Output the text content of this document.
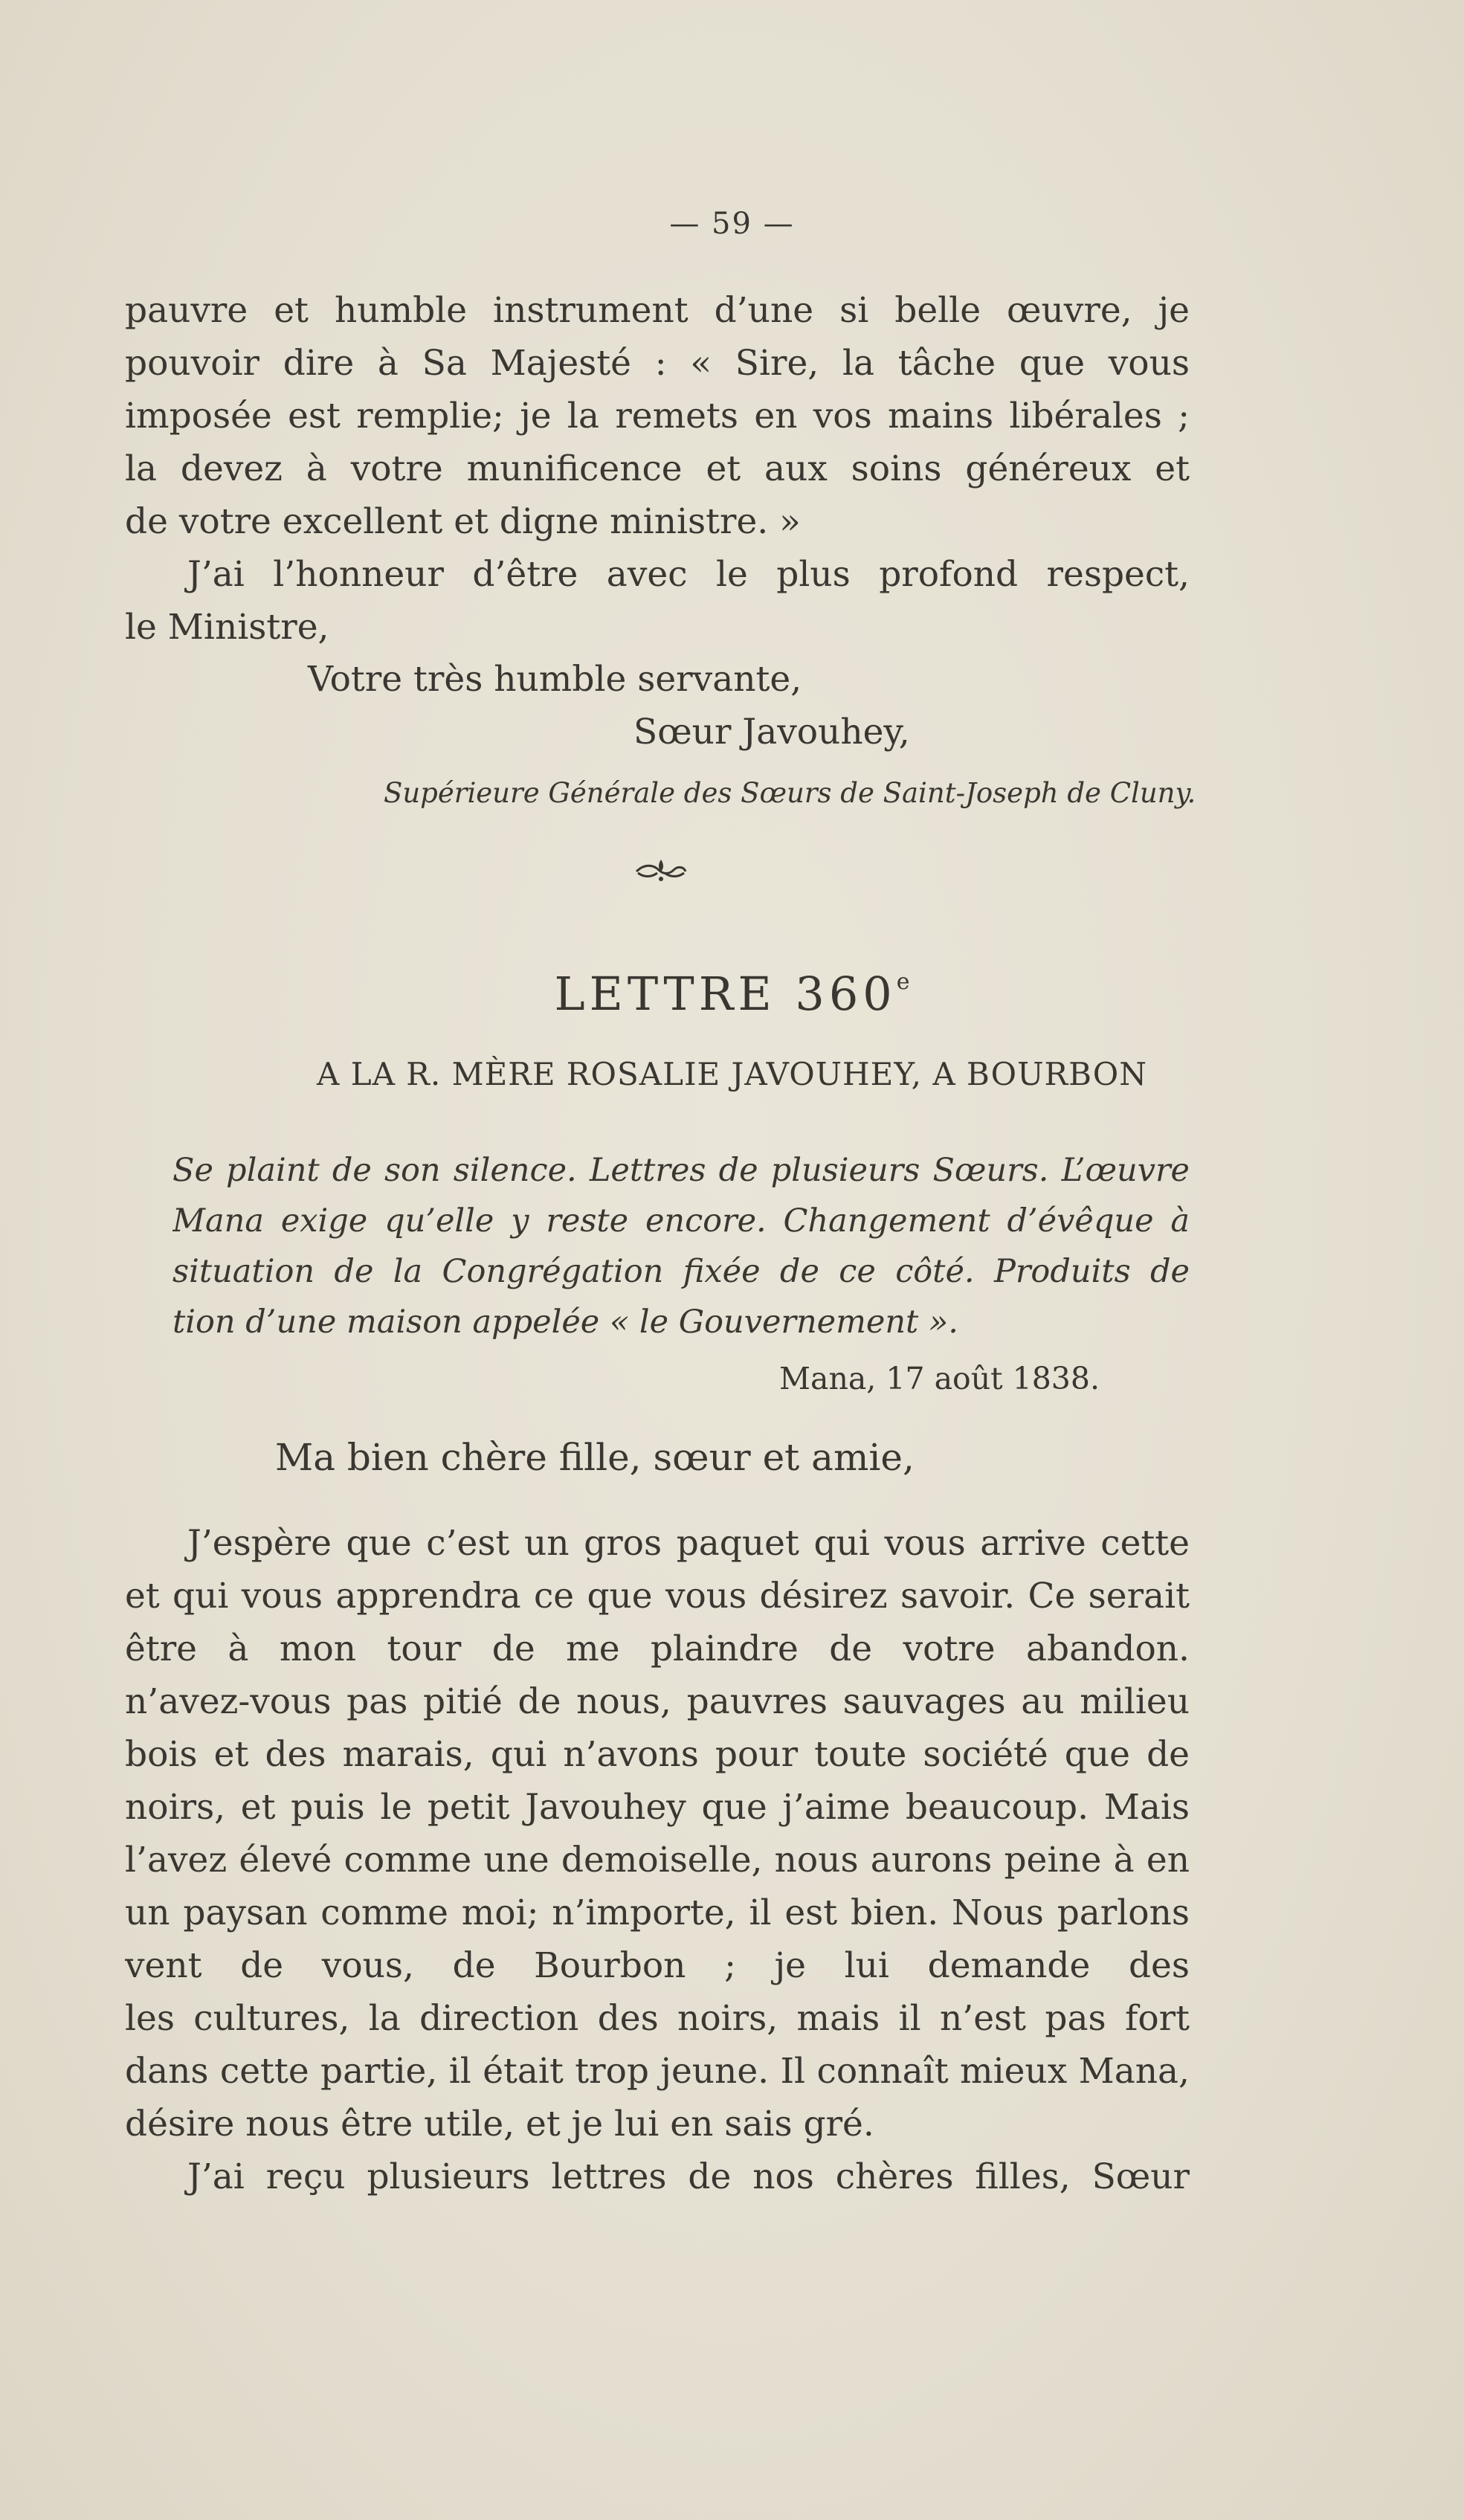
— 59 —
pauvre et humble instrument d’une si belle œuvre, je
pouvoir dire à Sa Majesté : « Sire, la tâche que vous
imposée est remplie; je la remets en vos mains libérales ;
la devez à votre munificence et aux soins généreux et
de votre excellent et digne ministre. »
J’ai l’honneur d’être avec le plus profond respect,
le Ministre,
Votre très humble servante,
Sœur Javouhey,
Supérieure Générale des Sœurs de Saint-Joseph de Cluny.
LETTRE 360e
A LA R. MÈRE ROSALIE JAVOUHEY, A BOURBON
Se plaint de son silence. Lettres de plusieurs Sœurs. L’œuvre
Mana exige qu’elle y reste encore. Changement d’évêque à
situation de la Congrégation fixée de ce côté. Produits de
tion d’une maison appelée « le Gouvernement ».
Mana, 17 août 1838.
Ma bien chère fille, sœur et amie,
J’espère que c’est un gros paquet qui vous arrive cette
et qui vous apprendra ce que vous désirez savoir. Ce serait
être à mon tour de me plaindre de votre abandon.
n’avez-vous pas pitié de nous, pauvres sauvages au milieu
bois et des marais, qui n’avons pour toute société que de
noirs, et puis le petit Javouhey que j’aime beaucoup. Mais
l’avez élevé comme une demoiselle, nous aurons peine à en
un paysan comme moi; n’importe, il est bien. Nous parlons
vent de vous, de Bourbon ; je lui demande des
les cultures, la direction des noirs, mais il n’est pas fort
dans cette partie, il était trop jeune. Il connaît mieux Mana,
désire nous être utile, et je lui en sais gré.
J’ai reçu plusieurs lettres de nos chères filles, Sœur
